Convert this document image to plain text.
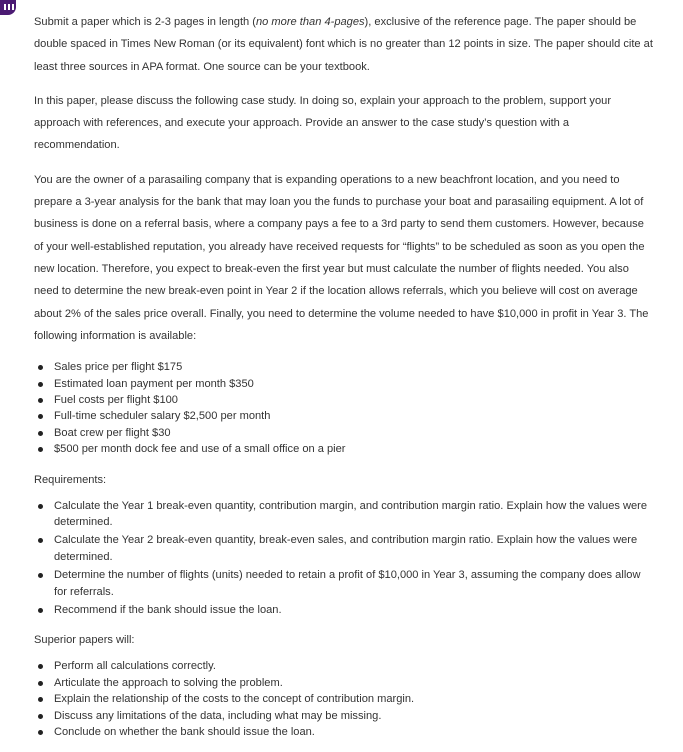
Submit a paper which is 2-3 pages in length (no more than 4-pages), exclusive of the reference page. The paper should be double spaced in Times New Roman (or its equivalent) font which is no greater than 12 points in size. The paper should cite at least three sources in APA format. One source can be your textbook.

In this paper, please discuss the following case study. In doing so, explain your approach to the problem, support your approach with references, and execute your approach. Provide an answer to the case study’s question with a recommendation.

You are the owner of a parasailing company that is expanding operations to a new beachfront location, and you need to prepare a 3-year analysis for the bank that may loan you the funds to purchase your boat and parasailing equipment. A lot of business is done on a referral basis, where a company pays a fee to a 3rd party to send them customers. However, because of your well-established reputation, you already have received requests for “flights” to be scheduled as soon as you open the new location. Therefore, you expect to break-even the first year but must calculate the number of flights needed. You also need to determine the new break-even point in Year 2 if the location allows referrals, which you believe will cost on average about 2% of the sales price overall. Finally, you need to determine the volume needed to have $10,000 in profit in Year 3. The following information is available:

Sales price per flight $175
Estimated loan payment per month $350
Fuel costs per flight $100
Full-time scheduler salary $2,500 per month
Boat crew per flight $30
$500 per month dock fee and use of a small office on a pier

Requirements:

Calculate the Year 1 break-even quantity, contribution margin, and contribution margin ratio. Explain how the values were determined.
Calculate the Year 2 break-even quantity, break-even sales, and contribution margin ratio. Explain how the values were determined.
Determine the number of flights (units) needed to retain a profit of $10,000 in Year 3, assuming the company does allow for referrals.
Recommend if the bank should issue the loan.

Superior papers will:

Perform all calculations correctly.
Articulate the approach to solving the problem.
Explain the relationship of the costs to the concept of contribution margin.
Discuss any limitations of the data, including what may be missing.
Conclude on whether the bank should issue the loan.
